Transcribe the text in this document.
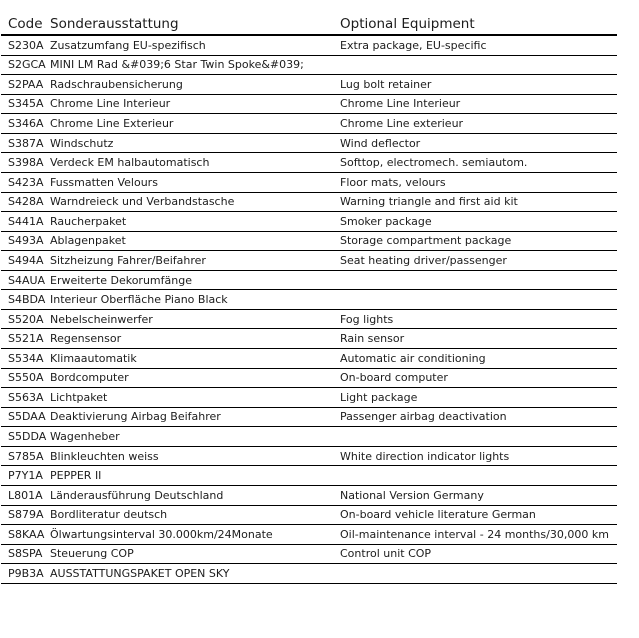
Code Sonderausstattung	Optional Equipment
S230A Zusatzumfang EU-spezifisch	Extra package, EU-specific
S2GCA MINI LM Rad &#039;6 Star Twin Spoke&#039;
S2PAA Radschraubensicherung	Lug bolt retainer
S345A Chrome Line Interieur	Chrome Line Interieur
S346A Chrome Line Exterieur	Chrome Line exterieur
S387A Windschutz	Wind deflector
S398A Verdeck EM halbautomatisch	Softtop, electromech. semiautom.
S423A Fussmatten Velours	Floor mats, velours
S428A Warndreieck und Verbandstasche	Warning triangle and first aid kit
S441A Raucherpaket	Smoker package
S493A Ablagenpaket	Storage compartment package
S494A Sitzheizung Fahrer/Beifahrer	Seat heating driver/passenger
S4AUA Erweiterte Dekorumfänge
S4BDA Interieur Oberfläche Piano Black
S520A Nebelscheinwerfer	Fog lights
S521A Regensensor	Rain sensor
S534A Klimaautomatik	Automatic air conditioning
S550A Bordcomputer	On-board computer
S563A Lichtpaket	Light package
S5DAA Deaktivierung Airbag Beifahrer	Passenger airbag deactivation
S5DDA Wagenheber
S785A Blinkleuchten weiss	White direction indicator lights
P7Y1A PEPPER II
L801A Länderausführung Deutschland	National Version Germany
S879A Bordliteratur deutsch	On-board vehicle literature German
S8KAA Ölwartungsinterval 30.000km/24Monate	Oil-maintenance interval - 24 months/30,000 km
S8SPA Steuerung COP	Control unit COP
P9B3A AUSSTATTUNGSPAKET OPEN SKY
